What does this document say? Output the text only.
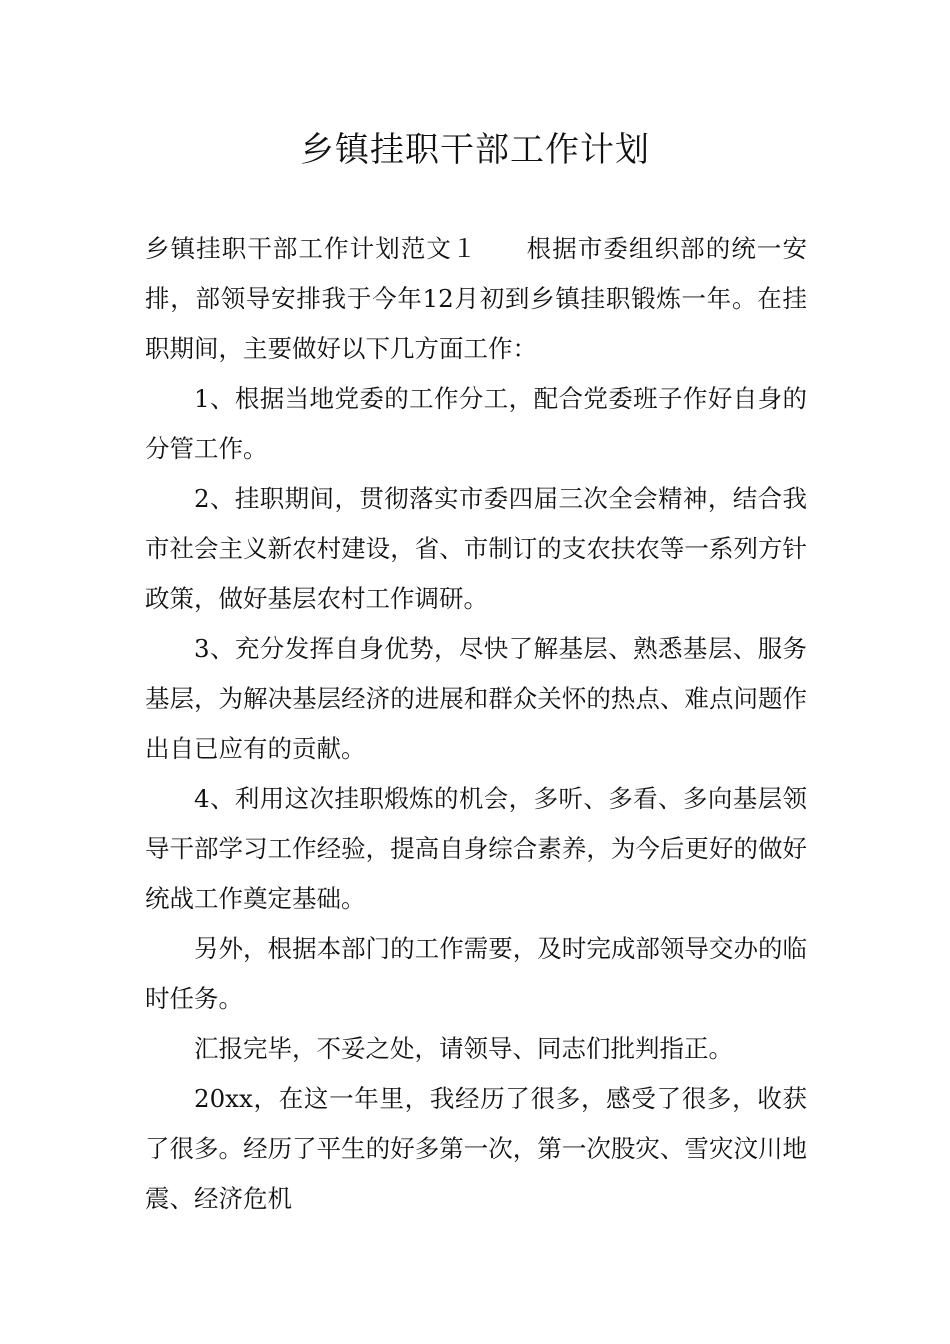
乡镇挂职干部工作计划

乡镇挂职干部工作计划范文１ 根据市委组织部的统一安排，部领导安排我于今年12月初到乡镇挂职锻炼一年。在挂职期间，主要做好以下几方面工作：

1、根据当地党委的工作分工，配合党委班子作好自身的分管工作。

2、挂职期间，贯彻落实市委四届三次全会精神，结合我市社会主义新农村建设，省、市制订的支农扶农等一系列方针政策，做好基层农村工作调研。

3、充分发挥自身优势，尽快了解基层、熟悉基层、服务基层，为解决基层经济的进展和群众关怀的热点、难点问题作出自已应有的贡献。

4、利用这次挂职煅炼的机会，多听、多看、多向基层领导干部学习工作经验，提高自身综合素养，为今后更好的做好统战工作奠定基础。

另外，根据本部门的工作需要，及时完成部领导交办的临时任务。

汇报完毕，不妥之处，请领导、同志们批判指正。

20xx，在这一年里，我经历了很多，感受了很多，收获了很多。经历了平生的好多第一次，第一次股灾、雪灾汶川地震、经济危机
